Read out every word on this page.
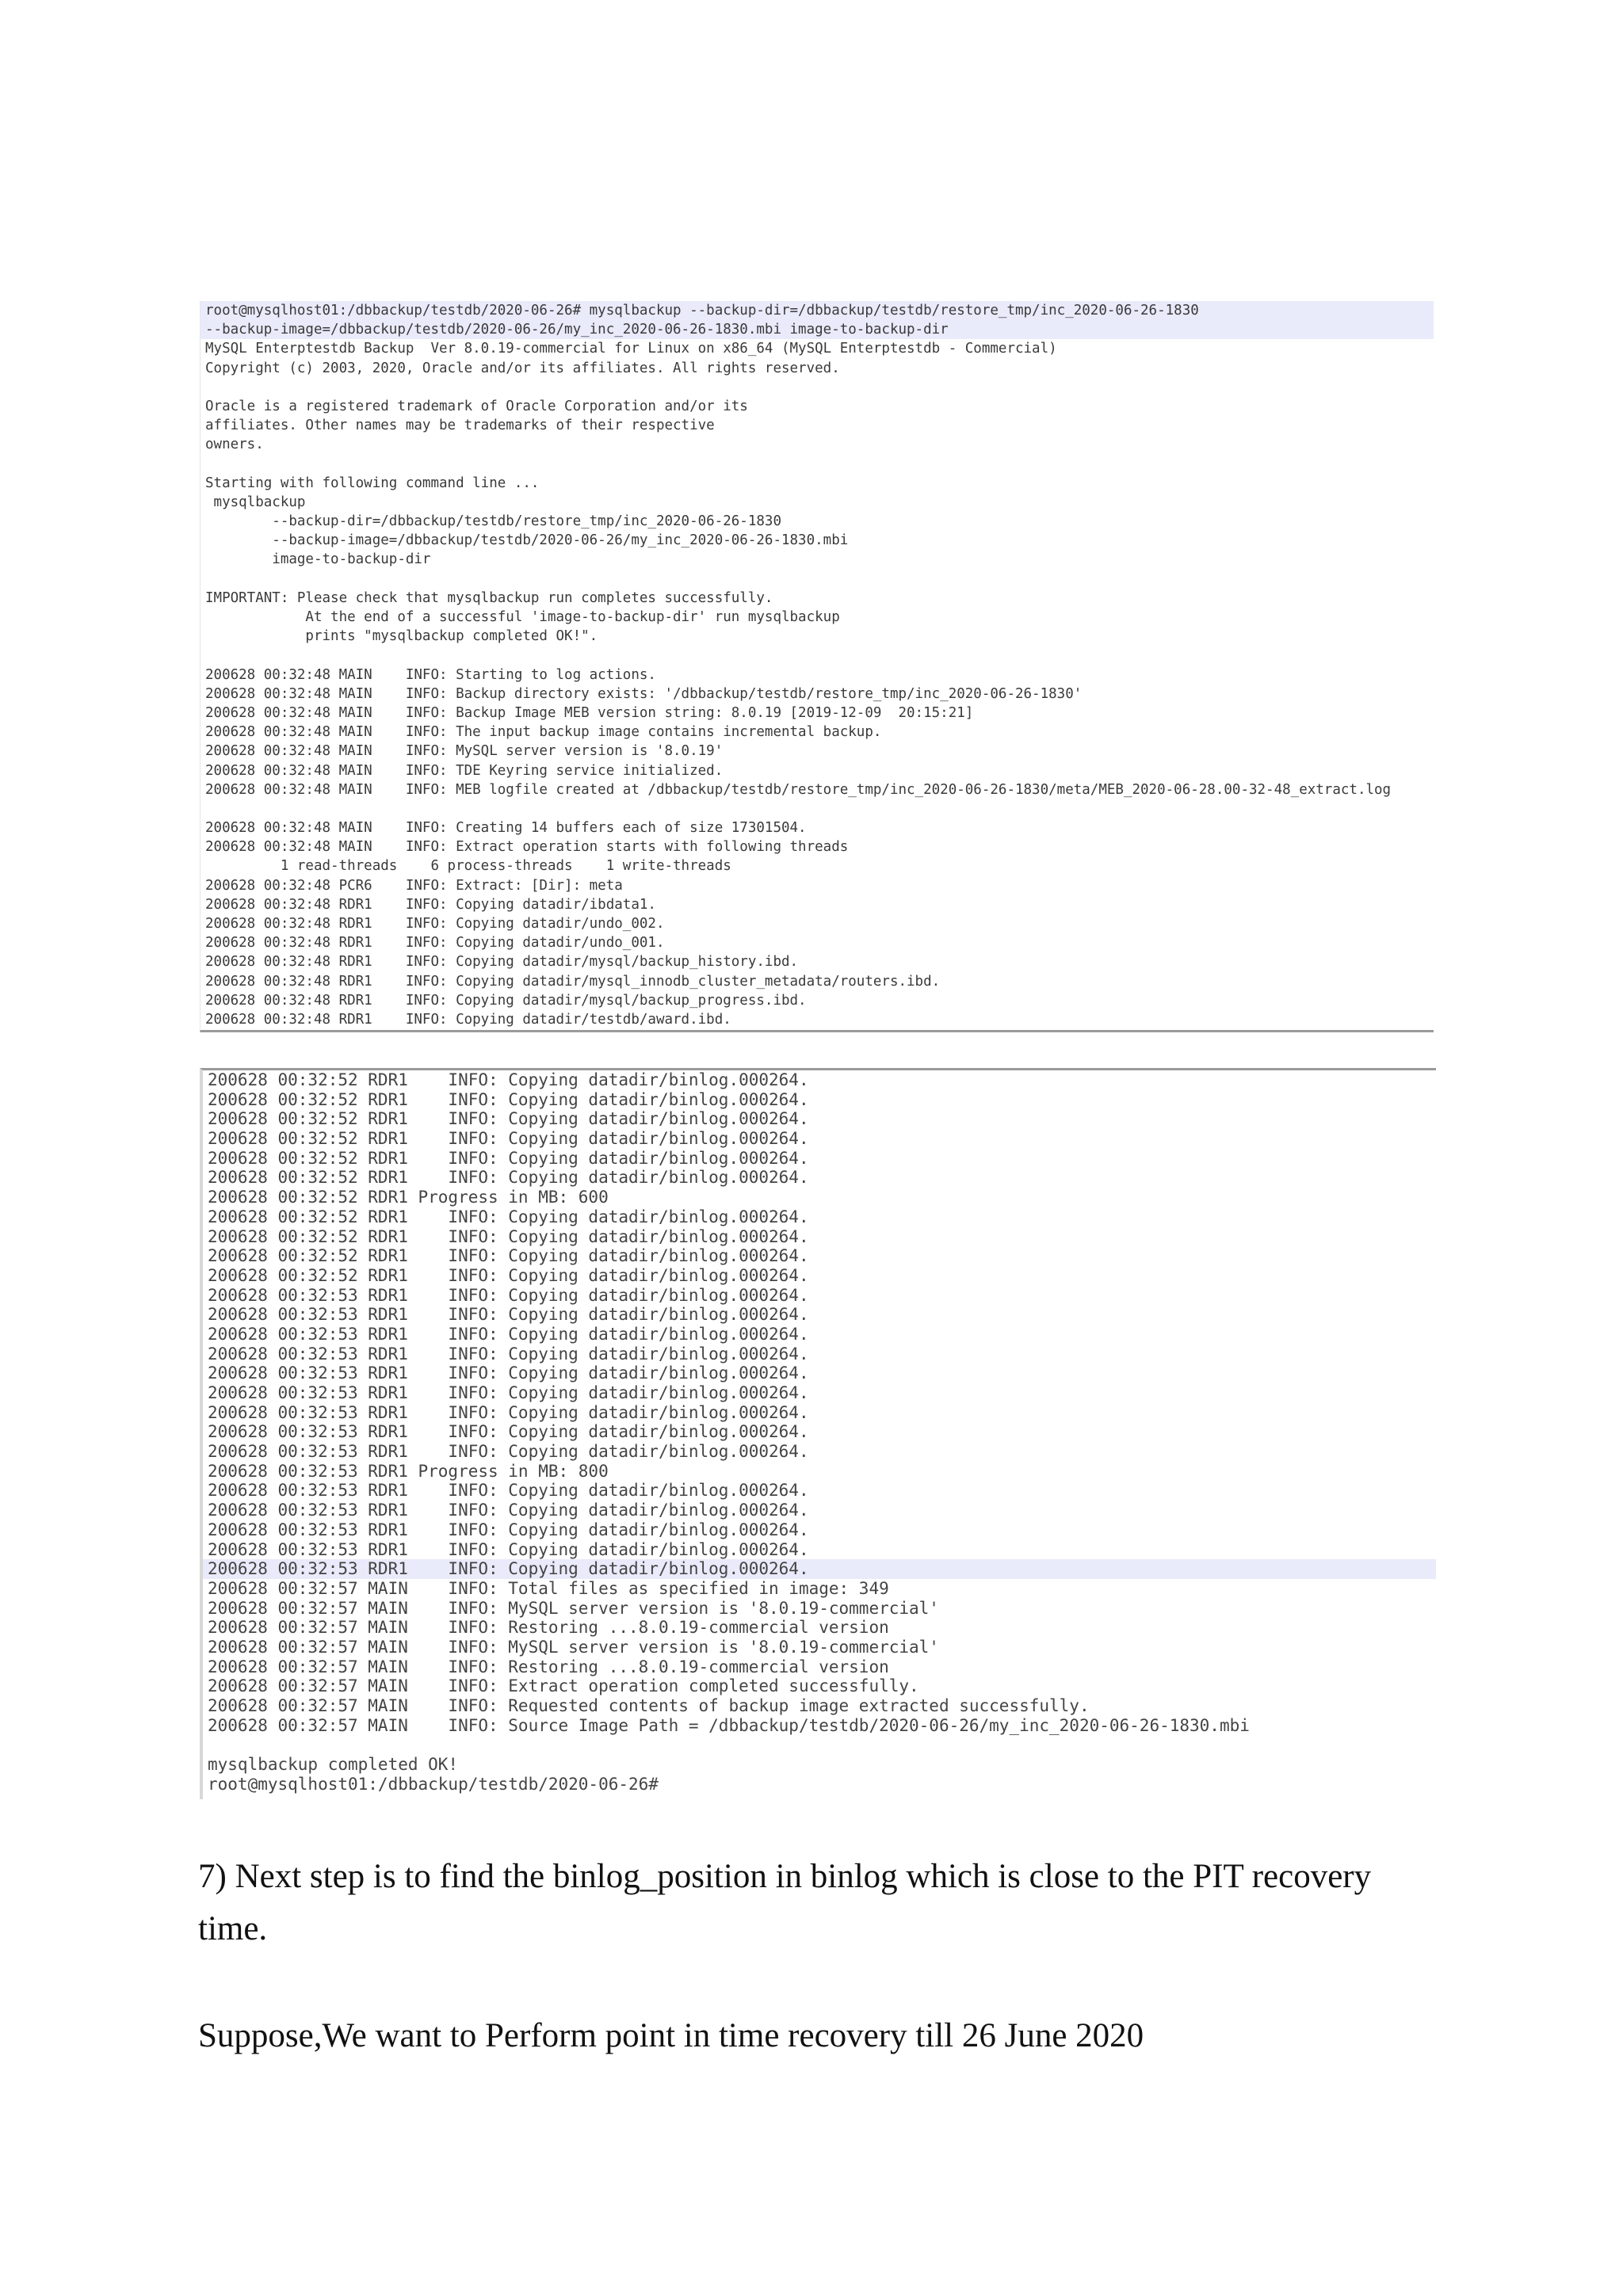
root@mysqlhost01:/dbbackup/testdb/2020-06-26# mysqlbackup --backup-dir=/dbbackup/testdb/restore_tmp/inc_2020-06-26-1830
--backup-image=/dbbackup/testdb/2020-06-26/my_inc_2020-06-26-1830.mbi image-to-backup-dir
MySQL Enterptestdb Backup  Ver 8.0.19-commercial for Linux on x86_64 (MySQL Enterptestdb - Commercial)
Copyright (c) 2003, 2020, Oracle and/or its affiliates. All rights reserved.

Oracle is a registered trademark of Oracle Corporation and/or its
affiliates. Other names may be trademarks of their respective
owners.

Starting with following command line ...
mysqlbackup
--backup-dir=/dbbackup/testdb/restore_tmp/inc_2020-06-26-1830
--backup-image=/dbbackup/testdb/2020-06-26/my_inc_2020-06-26-1830.mbi
image-to-backup-dir

IMPORTANT: Please check that mysqlbackup run completes successfully.
At the end of a successful 'image-to-backup-dir' run mysqlbackup
prints "mysqlbackup completed OK!".

200628 00:32:48 MAIN    INFO: Starting to log actions.
200628 00:32:48 MAIN    INFO: Backup directory exists: '/dbbackup/testdb/restore_tmp/inc_2020-06-26-1830'
200628 00:32:48 MAIN    INFO: Backup Image MEB version string: 8.0.19 [2019-12-09  20:15:21]
200628 00:32:48 MAIN    INFO: The input backup image contains incremental backup.
200628 00:32:48 MAIN    INFO: MySQL server version is '8.0.19'
200628 00:32:48 MAIN    INFO: TDE Keyring service initialized.
200628 00:32:48 MAIN    INFO: MEB logfile created at /dbbackup/testdb/restore_tmp/inc_2020-06-26-1830/meta/MEB_2020-06-28.00-32-48_extract.log

200628 00:32:48 MAIN    INFO: Creating 14 buffers each of size 17301504.
200628 00:32:48 MAIN    INFO: Extract operation starts with following threads
1 read-threads    6 process-threads    1 write-threads
200628 00:32:48 PCR6    INFO: Extract: [Dir]: meta
200628 00:32:48 RDR1    INFO: Copying datadir/ibdata1.
200628 00:32:48 RDR1    INFO: Copying datadir/undo_002.
200628 00:32:48 RDR1    INFO: Copying datadir/undo_001.
200628 00:32:48 RDR1    INFO: Copying datadir/mysql/backup_history.ibd.
200628 00:32:48 RDR1    INFO: Copying datadir/mysql_innodb_cluster_metadata/routers.ibd.
200628 00:32:48 RDR1    INFO: Copying datadir/mysql/backup_progress.ibd.
200628 00:32:48 RDR1    INFO: Copying datadir/testdb/award.ibd.
200628 00:32:52 RDR1    INFO: Copying datadir/binlog.000264.
200628 00:32:52 RDR1    INFO: Copying datadir/binlog.000264.
200628 00:32:52 RDR1    INFO: Copying datadir/binlog.000264.
200628 00:32:52 RDR1    INFO: Copying datadir/binlog.000264.
200628 00:32:52 RDR1    INFO: Copying datadir/binlog.000264.
200628 00:32:52 RDR1    INFO: Copying datadir/binlog.000264.
200628 00:32:52 RDR1 Progress in MB: 600
200628 00:32:52 RDR1    INFO: Copying datadir/binlog.000264.
200628 00:32:52 RDR1    INFO: Copying datadir/binlog.000264.
200628 00:32:52 RDR1    INFO: Copying datadir/binlog.000264.
200628 00:32:52 RDR1    INFO: Copying datadir/binlog.000264.
200628 00:32:53 RDR1    INFO: Copying datadir/binlog.000264.
200628 00:32:53 RDR1    INFO: Copying datadir/binlog.000264.
200628 00:32:53 RDR1    INFO: Copying datadir/binlog.000264.
200628 00:32:53 RDR1    INFO: Copying datadir/binlog.000264.
200628 00:32:53 RDR1    INFO: Copying datadir/binlog.000264.
200628 00:32:53 RDR1    INFO: Copying datadir/binlog.000264.
200628 00:32:53 RDR1    INFO: Copying datadir/binlog.000264.
200628 00:32:53 RDR1    INFO: Copying datadir/binlog.000264.
200628 00:32:53 RDR1    INFO: Copying datadir/binlog.000264.
200628 00:32:53 RDR1 Progress in MB: 800
200628 00:32:53 RDR1    INFO: Copying datadir/binlog.000264.
200628 00:32:53 RDR1    INFO: Copying datadir/binlog.000264.
200628 00:32:53 RDR1    INFO: Copying datadir/binlog.000264.
200628 00:32:53 RDR1    INFO: Copying datadir/binlog.000264.
200628 00:32:53 RDR1    INFO: Copying datadir/binlog.000264.
200628 00:32:57 MAIN    INFO: Total files as specified in image: 349
200628 00:32:57 MAIN    INFO: MySQL server version is '8.0.19-commercial'
200628 00:32:57 MAIN    INFO: Restoring ...8.0.19-commercial version
200628 00:32:57 MAIN    INFO: MySQL server version is '8.0.19-commercial'
200628 00:32:57 MAIN    INFO: Restoring ...8.0.19-commercial version
200628 00:32:57 MAIN    INFO: Extract operation completed successfully.
200628 00:32:57 MAIN    INFO: Requested contents of backup image extracted successfully.
200628 00:32:57 MAIN    INFO: Source Image Path = /dbbackup/testdb/2020-06-26/my_inc_2020-06-26-1830.mbi

mysqlbackup completed OK!
root@mysqlhost01:/dbbackup/testdb/2020-06-26#

7) Next step is to find the binlog_position in binlog which is close to the PIT recovery time.

Suppose,We want to Perform point in time recovery till 26 June 2020
